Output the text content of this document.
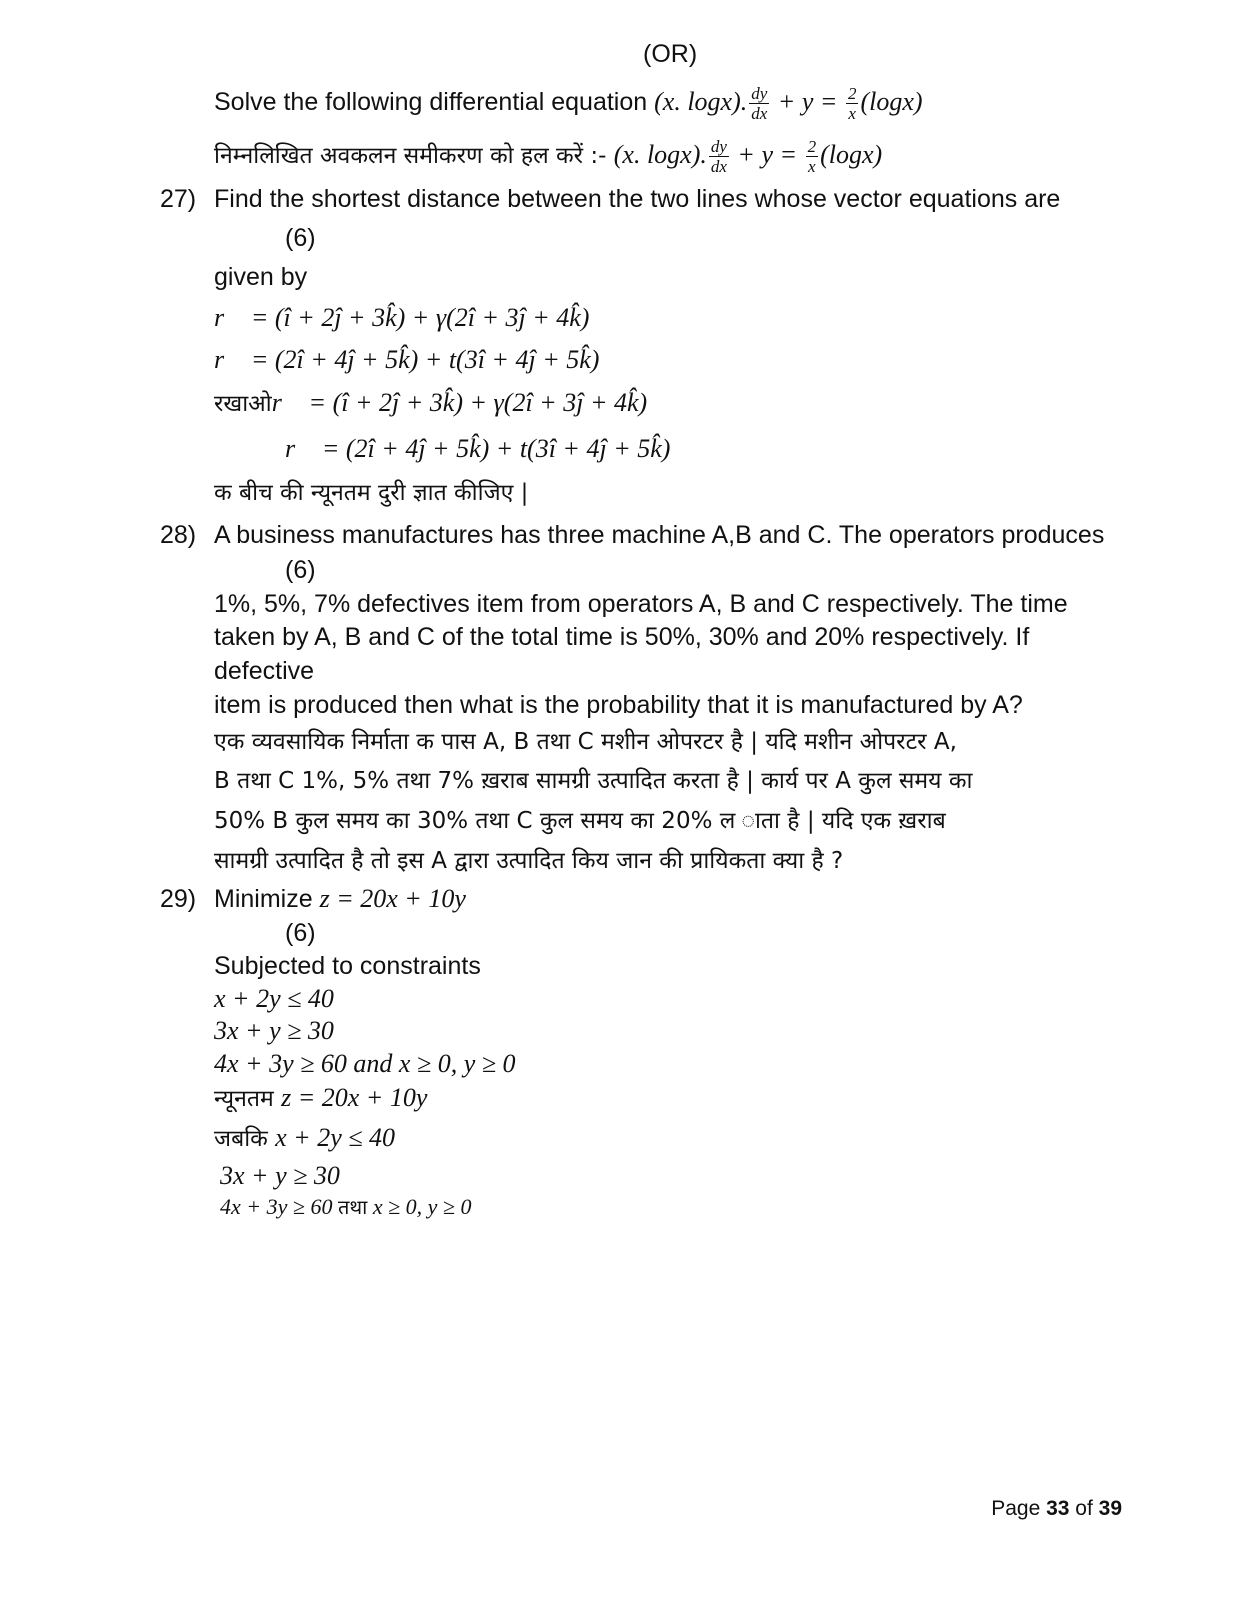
(OR)
Solve the following differential equation (x. logx). $\frac{dy}{dx} + y = \frac{2}{x} (\log x)$
निम्नलिखित अवकलन समीकरण को हल करें :- (x. logx). $\frac{dy}{dx} + y = \frac{2}{x} (\log x)$
27) Find the shortest distance between the two lines whose vector equations are
(6)
given by
r⃗ = (î + 2ĵ + 3k̂) + γ(2î + 3ĵ + 4k̂)
r⃗ = (2î + 4ĵ + 5k̂) + t(3î + 4ĵ + 5k̂)
रखाओr⃗ = (î + 2ĵ + 3k̂) + γ(2î + 3ĵ + 4k̂)
r⃗ = (2î + 4ĵ + 5k̂) + t(3î + 4ĵ + 5k̂)
क बीच की न्यूनतम दुरी ज्ञात कीजिए |
28) A business manufactures has three machine A,B and C. The operators produces
(6)
1%, 5%, 7% defectives item from operators A, B and C respectively. The time
taken by A, B and C of the total time is 50%, 30% and 20% respectively. If
defective
item is produced then what is the probability that it is manufactured by A?
एक व्यवसायिक निर्माता क पास A, B तथा C मशीन ओपरटर है | यदि मशीन ओपरटर A,
B तथा C 1%, 5% तथा 7% ख़राब सामग्री उत्पादित करता है | कार्य पर A कुल समय का
50% B कुल समय का 30% तथा C कुल समय का 20% ल ाता है | यदि एक ख़राब
सामग्री उत्पादित है तो इस A द्वारा उत्पादित किय जान की प्रायिकता क्या है ?
29) Minimize z = 20x + 10y
(6)
Subjected to constraints
x + 2y ≤ 40
3x + y ≥ 30
4x + 3y ≥ 60 and x ≥ 0, y ≥ 0
न्यूनतम z = 20x + 10y
जबकि x + 2y ≤ 40
3x + y ≥ 30
4x + 3y ≥ 60 तथा x ≥ 0, y ≥ 0
Page 33 of 39
